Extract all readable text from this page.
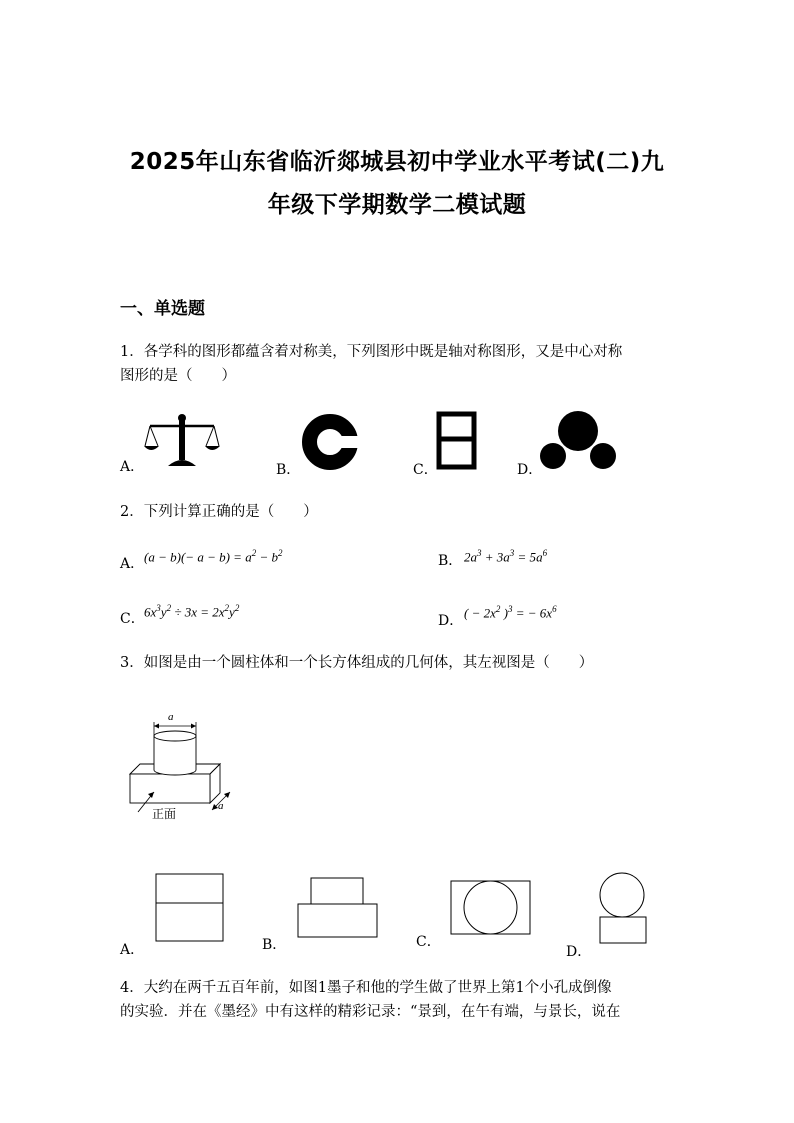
2025年山东省临沂郯城县初中学业水平考试(二)九
年级下学期数学二模试题
一、单选题
1．各学科的图形都蕴含着对称美，下列图形中既是轴对称图形，又是中心对称
图形的是（　　）
A．	B．	C．	D．
2．下列计算正确的是（　　）
A． $(a - b)(- a - b) = a^2 - b^2$	B． $2a^3 + 3a^3 = 5a^6$
C． $6x^3y^2 \div 3x = 2x^2y^2$
D．
( − $2x^2$ )$^3$ = − $6x^6$
3．如图是由一个圆柱体和一个长方体组成的几何体，其左视图是（　　）
a
a
正面
A．	B．	C．
D．
4．大约在两千五百年前，如图1墨子和他的学生做了世界上第1个小孔成倒像
的实验．并在《墨经》中有这样的精彩记录：“景到，在午有端，与景长，说在
